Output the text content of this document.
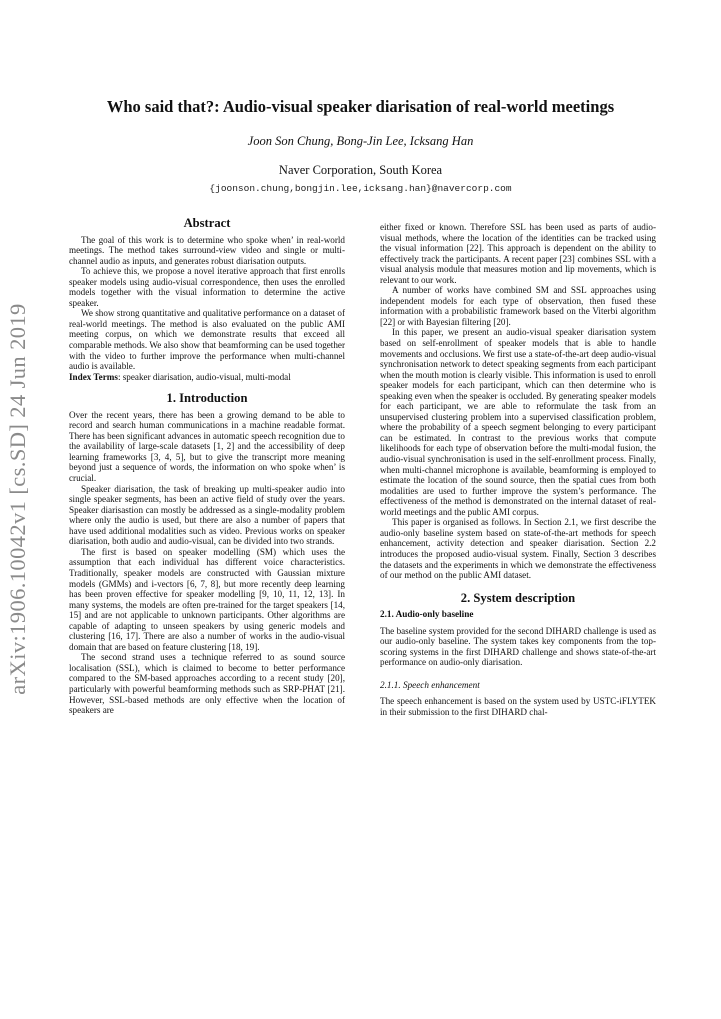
arXiv:1906.10042v1 [cs.SD] 24 Jun 2019
Who said that?: Audio-visual speaker diarisation of real-world meetings
Joon Son Chung, Bong-Jin Lee, Icksang Han
Naver Corporation, South Korea
{joonson.chung,bongjin.lee,icksang.han}@navercorp.com
Abstract

The goal of this work is to determine who spoke when’ in real-world meetings. The method takes surround-view video and single or multi-channel audio as inputs, and generates robust diarisation outputs.

To achieve this, we propose a novel iterative approach that first enrolls speaker models using audio-visual correspondence, then uses the enrolled models together with the visual information to determine the active speaker.

We show strong quantitative and qualitative performance on a dataset of real-world meetings. The method is also evaluated on the public AMI meeting corpus, on which we demonstrate results that exceed all comparable methods. We also show that beamforming can be used together with the video to further improve the performance when multi-channel audio is available.

Index Terms: speaker diarisation, audio-visual, multi-modal

1. Introduction

Over the recent years, there has been a growing demand to be able to record and search human communications in a machine readable format. There has been significant advances in automatic speech recognition due to the availability of large-scale datasets [1, 2] and the accessibility of deep learning frameworks [3, 4, 5], but to give the transcript more meaning beyond just a sequence of words, the information on who spoke when’ is crucial.

Speaker diarisation, the task of breaking up multi-speaker audio into single speaker segments, has been an active field of study over the years. Speaker diarisastion can mostly be addressed as a single-modality problem where only the audio is used, but there are also a number of papers that have used additional modalities such as video. Previous works on speaker diarisation, both audio and audio-visual, can be divided into two strands.

The first is based on speaker modelling (SM) which uses the assumption that each individual has different voice characteristics. Traditionally, speaker models are constructed with Gaussian mixture models (GMMs) and i-vectors [6, 7, 8], but more recently deep learning has been proven effective for speaker modelling [9, 10, 11, 12, 13]. In many systems, the models are often pre-trained for the target speakers [14, 15] and are not applicable to unknown participants. Other algorithms are capable of adapting to unseen speakers by using generic models and clustering [16, 17]. There are also a number of works in the audio-visual domain that are based on feature clustering [18, 19].

The second strand uses a technique referred to as sound source localisation (SSL), which is claimed to become to better performance compared to the SM-based approaches according to a recent study [20], particularly with powerful beamforming methods such as SRP-PHAT [21]. However, SSL-based methods are only effective when the location of speakers are

either fixed or known. Therefore SSL has been used as parts of audio-visual methods, where the location of the identities can be tracked using the visual information [22]. This approach is dependent on the ability to effectively track the participants. A recent paper [23] combines SSL with a visual analysis module that measures motion and lip movements, which is relevant to our work.

A number of works have combined SM and SSL approaches using independent models for each type of observation, then fused these information with a probabilistic framework based on the Viterbi algorithm [22] or with Bayesian filtering [20].

In this paper, we present an audio-visual speaker diarisation system based on self-enrollment of speaker models that is able to handle movements and occlusions. We first use a state-of-the-art deep audio-visual synchronisation network to detect speaking segments from each participant when the mouth motion is clearly visible. This information is used to enroll speaker models for each participant, which can then determine who is speaking even when the speaker is occluded. By generating speaker models for each participant, we are able to reformulate the task from an unsupervised clustering problem into a supervised classification problem, where the probability of a speech segment belonging to every participant can be estimated. In contrast to the previous works that compute likelihoods for each type of observation before the multi-modal fusion, the audio-visual synchronisation is used in the self-enrollment process. Finally, when multi-channel microphone is available, beamforming is employed to estimate the location of the sound source, then the spatial cues from both modalities are used to further improve the system’s performance. The effectiveness of the method is demonstrated on the internal dataset of real-world meetings and the public AMI corpus.

This paper is organised as follows. In Section 2.1, we first describe the audio-only baseline system based on state-of-the-art methods for speech enhancement, activity detection and speaker diarisation. Section 2.2 introduces the proposed audio-visual system. Finally, Section 3 describes the datasets and the experiments in which we demonstrate the effectiveness of our method on the public AMI dataset.

2. System description
2.1. Audio-only baseline

The baseline system provided for the second DIHARD challenge is used as our audio-only baseline. The system takes key components from the top-scoring systems in the first DIHARD challenge and shows state-of-the-art performance on audio-only diarisation.

2.1.1. Speech enhancement

The speech enhancement is based on the system used by USTC-iFLYTEK in their submission to the first DIHARD chal-
